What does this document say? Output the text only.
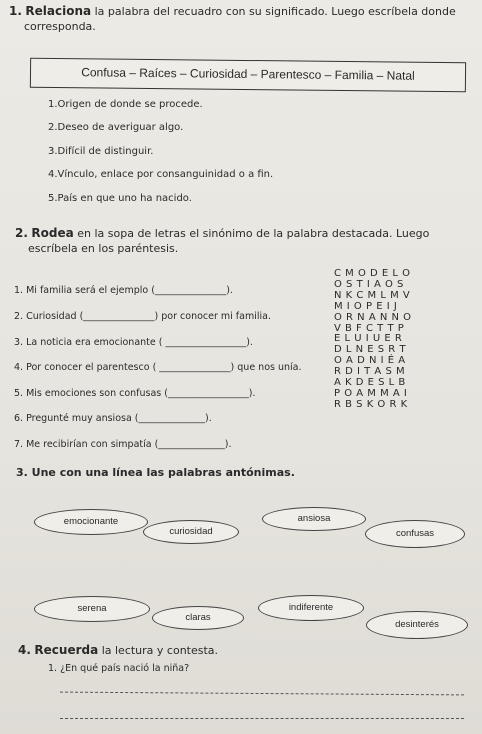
1. Relaciona la palabra del recuadro con su significado. Luego escríbela donde
corresponda.
Confusa – Raíces – Curiosidad – Parentesco – Familia – Natal
1.Origen de donde se procede.
2.Deseo de averiguar algo.
3.Difícil de distinguir.
4.Vínculo, enlace por consanguinidad o a fin.
5.País en que uno ha nacido.
2. Rodea en la sopa de letras el sinónimo de la palabra destacada. Luego
escríbela en los paréntesis.
1. Mi familia será el ejemplo (_______________).
2. Curiosidad (_______________) por conocer mi familia.
3. La noticia era emocionante ( _________________).
4. Por conocer el parentesco ( _______________) que nos unía.
5. Mis emociones son confusas (_________________).
6. Pregunté muy ansiosa (______________).
7. Me recibirían con simpatía (______________).
C M O D E L O
O S T I A O S
N K C M L M V
M I O P E I J
O R N A N N O
V B F C T T P
E L U I U E R
D L N E S R T
O A D N I É A
R D I T A S M
A K D E S L B
P O A M M A I
R B S K O R K
3. Une con una línea las palabras antónimas.
emocionante
curiosidad
ansiosa
confusas
serena
claras
indiferente
desinterés
4. Recuerda la lectura y contesta.
1. ¿En qué país nació la niña?
